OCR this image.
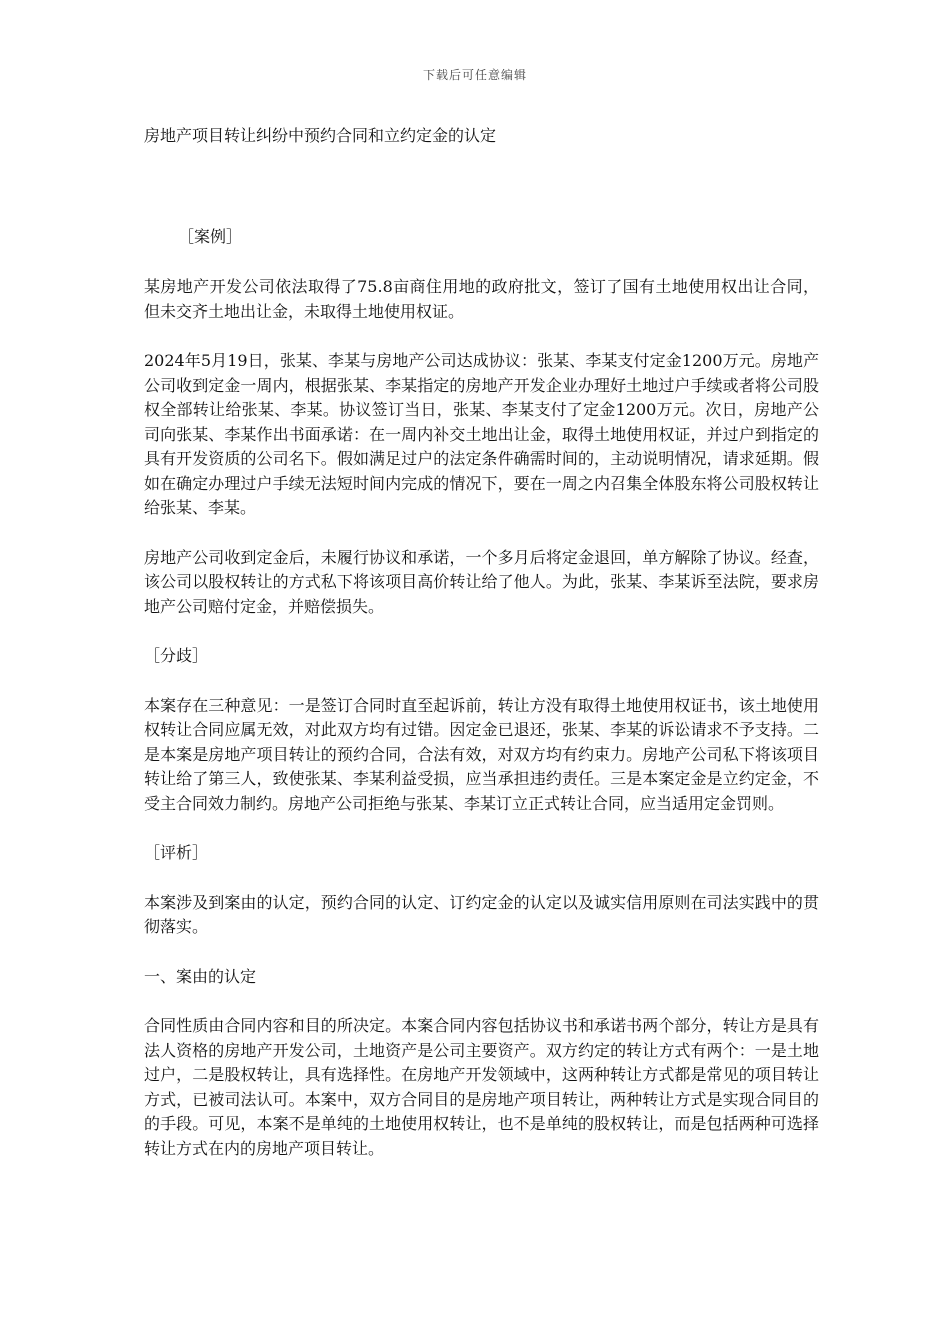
下载后可任意编辑

房地产项目转让纠纷中预约合同和立约定金的认定

［案例］

某房地产开发公司依法取得了75.8亩商住用地的政府批文，签订了国有土地使用权出让合同，但未交齐土地出让金，未取得土地使用权证。

2024年5月19日，张某、李某与房地产公司达成协议：张某、李某支付定金1200万元。房地产公司收到定金一周内，根据张某、李某指定的房地产开发企业办理好土地过户手续或者将公司股权全部转让给张某、李某。协议签订当日，张某、李某支付了定金1200万元。次日，房地产公司向张某、李某作出书面承诺：在一周内补交土地出让金，取得土地使用权证，并过户到指定的具有开发资质的公司名下。假如满足过户的法定条件确需时间的，主动说明情况，请求延期。假如在确定办理过户手续无法短时间内完成的情况下，要在一周之内召集全体股东将公司股权转让给张某、李某。

房地产公司收到定金后，未履行协议和承诺，一个多月后将定金退回，单方解除了协议。经查，该公司以股权转让的方式私下将该项目高价转让给了他人。为此，张某、李某诉至法院，要求房地产公司赔付定金，并赔偿损失。

［分歧］

本案存在三种意见：一是签订合同时直至起诉前，转让方没有取得土地使用权证书，该土地使用权转让合同应属无效，对此双方均有过错。因定金已退还，张某、李某的诉讼请求不予支持。二是本案是房地产项目转让的预约合同，合法有效，对双方均有约束力。房地产公司私下将该项目转让给了第三人，致使张某、李某利益受损，应当承担违约责任。三是本案定金是立约定金，不受主合同效力制约。房地产公司拒绝与张某、李某订立正式转让合同，应当适用定金罚则。

［评析］

本案涉及到案由的认定，预约合同的认定、订约定金的认定以及诚实信用原则在司法实践中的贯彻落实。

一、案由的认定

合同性质由合同内容和目的所决定。本案合同内容包括协议书和承诺书两个部分，转让方是具有法人资格的房地产开发公司，土地资产是公司主要资产。双方约定的转让方式有两个：一是土地过户，二是股权转让，具有选择性。在房地产开发领域中，这两种转让方式都是常见的项目转让方式，已被司法认可。本案中，双方合同目的是房地产项目转让，两种转让方式是实现合同目的的手段。可见，本案不是单纯的土地使用权转让，也不是单纯的股权转让，而是包括两种可选择转让方式在内的房地产项目转让。
